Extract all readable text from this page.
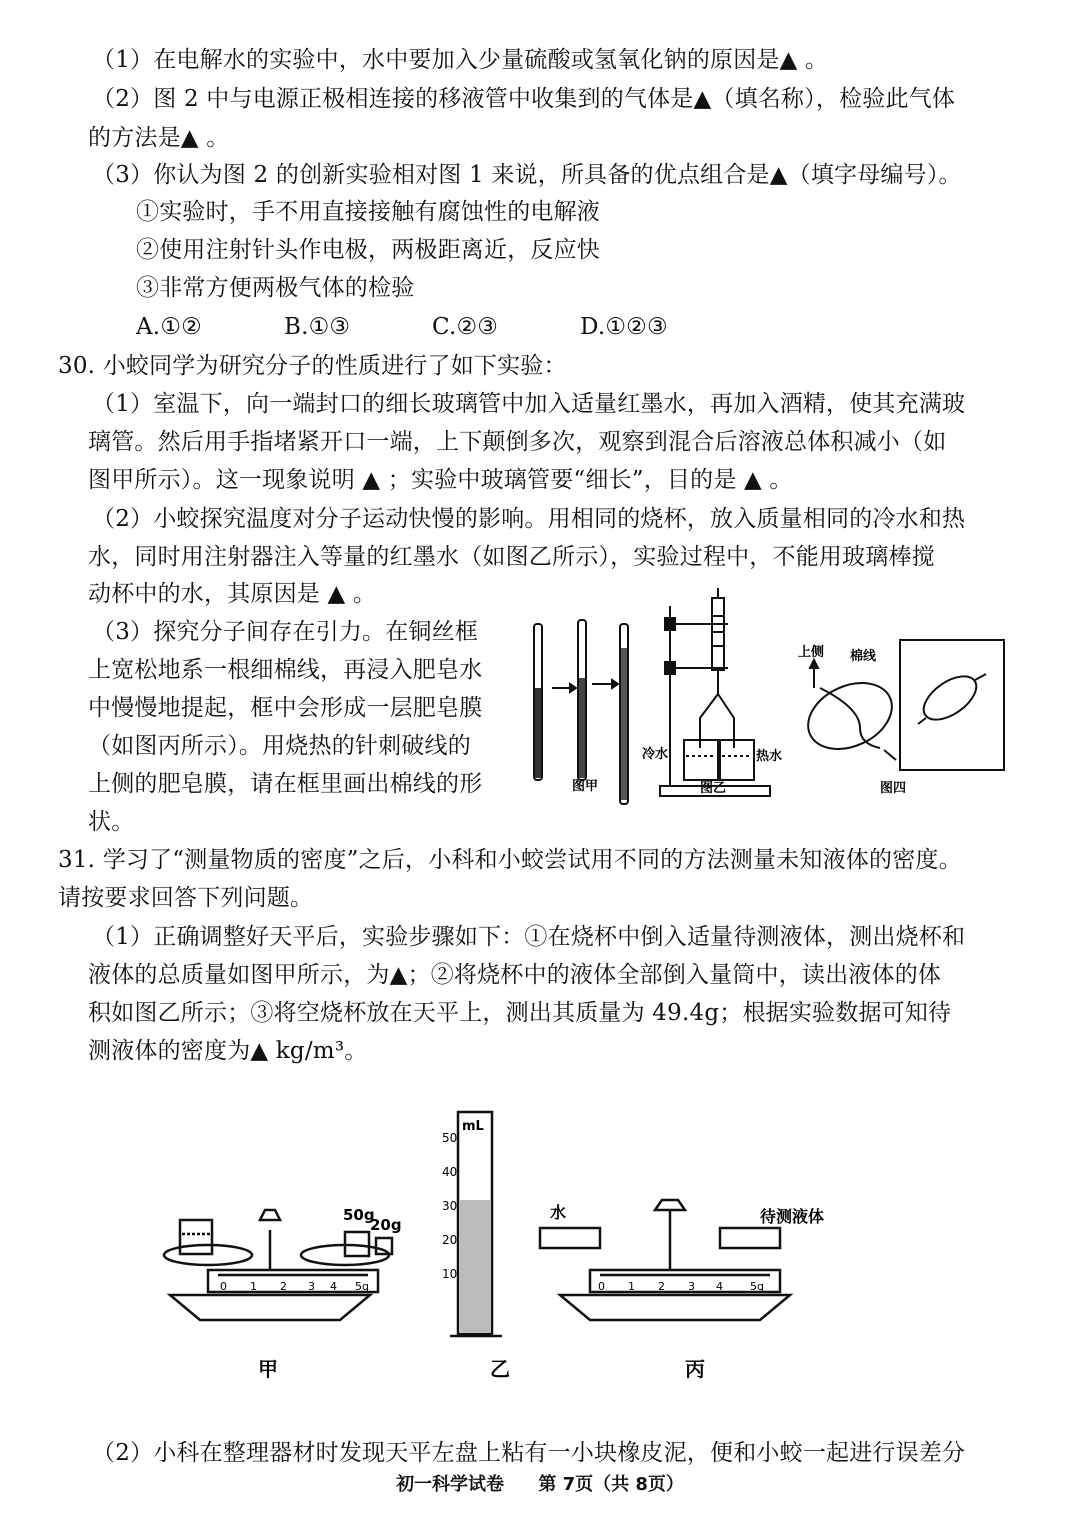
（1）在电解水的实验中，水中要加入少量硫酸或氢氧化钠的原因是▲ 。
（2）图 2 中与电源正极相连接的移液管中收集到的气体是▲（填名称），检验此气体
的方法是▲ 。
（3）你认为图 2 的创新实验相对图 1 来说，所具备的优点组合是▲（填字母编号）。
①实验时，手不用直接接触有腐蚀性的电解液
②使用注射针头作电极，两极距离近，反应快
③非常方便两极气体的检验
A.①②	B.①③	C.②③	D.①②③
30. 小蛟同学为研究分子的性质进行了如下实验：
（1）室温下，向一端封口的细长玻璃管中加入适量红墨水，再加入酒精，使其充满玻
璃管。然后用手指堵紧开口一端，上下颠倒多次，观察到混合后溶液总体积减小（如
图甲所示）。这一现象说明 ▲ ；实验中玻璃管要“细长”，目的是 ▲ 。
（2）小蛟探究温度对分子运动快慢的影响。用相同的烧杯，放入质量相同的冷水和热
水，同时用注射器注入等量的红墨水（如图乙所示），实验过程中，不能用玻璃棒搅
动杯中的水，其原因是 ▲ 。
（3）探究分子间存在引力。在铜丝框
上宽松地系一根细棉线，再浸入肥皂水
中慢慢地提起，框中会形成一层肥皂膜
（如图丙所示）。用烧热的针刺破线的
上侧的肥皂膜，请在框里画出棉线的形
状。
31. 学习了“测量物质的密度”之后，小科和小蛟尝试用不同的方法测量未知液体的密度。
请按要求回答下列问题。
（1）正确调整好天平后，实验步骤如下：①在烧杯中倒入适量待测液体，测出烧杯和
液体的总质量如图甲所示，为▲；②将烧杯中的液体全部倒入量筒中，读出液体的体
积如图乙所示；③将空烧杯放在天平上，测出其质量为 49.4g；根据实验数据可知待
测液体的密度为▲ kg/m³。
（2）小科在整理器材时发现天平左盘上粘有一小块橡皮泥，便和小蛟一起进行误差分
冷水	热水
上侧 棉线
图甲	图乙	图四
50g
20g
0 1 2 3 4 5g
mL
50
40
30
20
10
水	待测液体
0 1 2 3 4 5g
甲	乙	丙
初一科学试卷 第 7页（共 8页）
